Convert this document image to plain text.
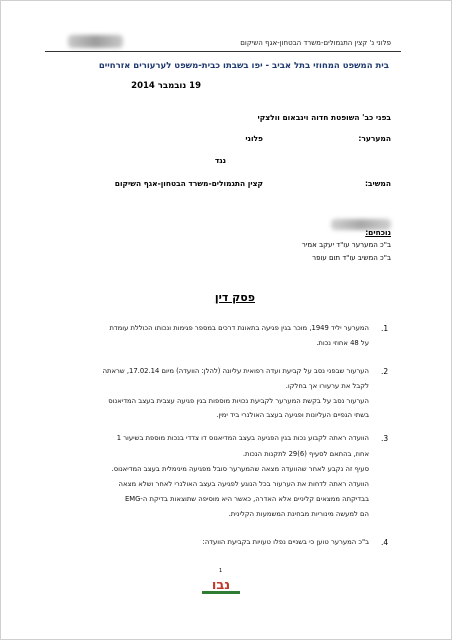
פלוני נ' קצין התגמולים-משרד הבטחון-אגף השיקום
בית המשפט המחוזי בתל אביב - יפו בשבתו כבית-משפט לערעורים אזרחיים
19 נובמבר 2014
בפני כב' השופטת חדוה וינבאום וולצקי
המערער:
פלוני
נגד
המשיב:
קצין התגמולים-משרד הבטחון-אגף השיקום
נוכחים:
ב"כ המערער עו"ד יעקב אמיר
ב"כ המשיב עו"ד תום עופר
פסק דין
.1
המערער יליד 1949, מוכר בגין פגיעה בתאונת דרכים במספר פגימות ונכותו הכוללת עומדת
על 48 אחוזי נכות.
.2
הערעור שבפני נסב על קביעת ועדה רפואית עליונה (להלן: הוועדה) מיום 17.02.14, שראתה
לקבל את ערעורו אך בחלקו.
הערעור נסב על בקשת המערער לקביעת נכויות מוספות בגין פגיעה עצבית בעצב המדיאנוס
בשתי הגפיים העליונות ופגיעה בעצב האולנרי ביד ימין.
.3
הוועדה ראתה לקבוע נכות בגין הפגיעה בעצב המדיאנוס דו צדדי בנכות מוספת בשיעור 1
אחוז, בהתאם לסעיף (6)29 לתקנות הנכות.
סעיף זה נקבע לאחר שהוועדה מצאה שהמערער סובל מפגיעה מינימלית בעצב המדיאנוס.
הוועדה ראתה לדחות את הערעור בכל הנוגע לפגיעה בעצב האולנרי לאחר ושלא מצאה
בבדיקתה ממצאים קליניים אלא האדרה, כאשר היא מוסיפה שתוצאות בדיקת ה-EMG
הם למעשה מינוריות מבחינת המשמעות הקלינית.
.4
ב"כ המערער טוען כי בשניים נפלו טעויות בקביעת הוועדה:
1
נבו
